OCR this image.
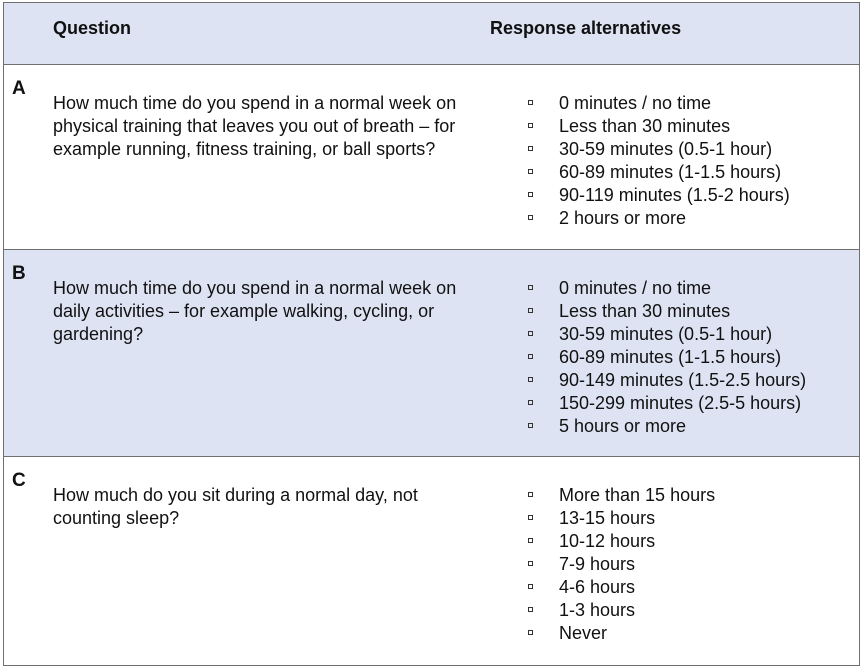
Question	Response alternatives
A

How much time do you spend in a normal week on physical training that leaves you out of breath – for example running, fitness training, or ball sports?

0 minutes / no time
Less than 30 minutes
30-59 minutes (0.5-1 hour)
60-89 minutes (1-1.5 hours)
90-119 minutes (1.5-2 hours)
2 hours or more
B

How much time do you spend in a normal week on daily activities – for example walking, cycling, or gardening?

0 minutes / no time
Less than 30 minutes
30-59 minutes (0.5-1 hour)
60-89 minutes (1-1.5 hours)
90-149 minutes (1.5-2.5 hours)
150-299 minutes (2.5-5 hours)
5 hours or more
C

How much do you sit during a normal day, not counting sleep?

More than 15 hours
13-15 hours
10-12 hours
7-9 hours
4-6 hours
1-3 hours
Never
